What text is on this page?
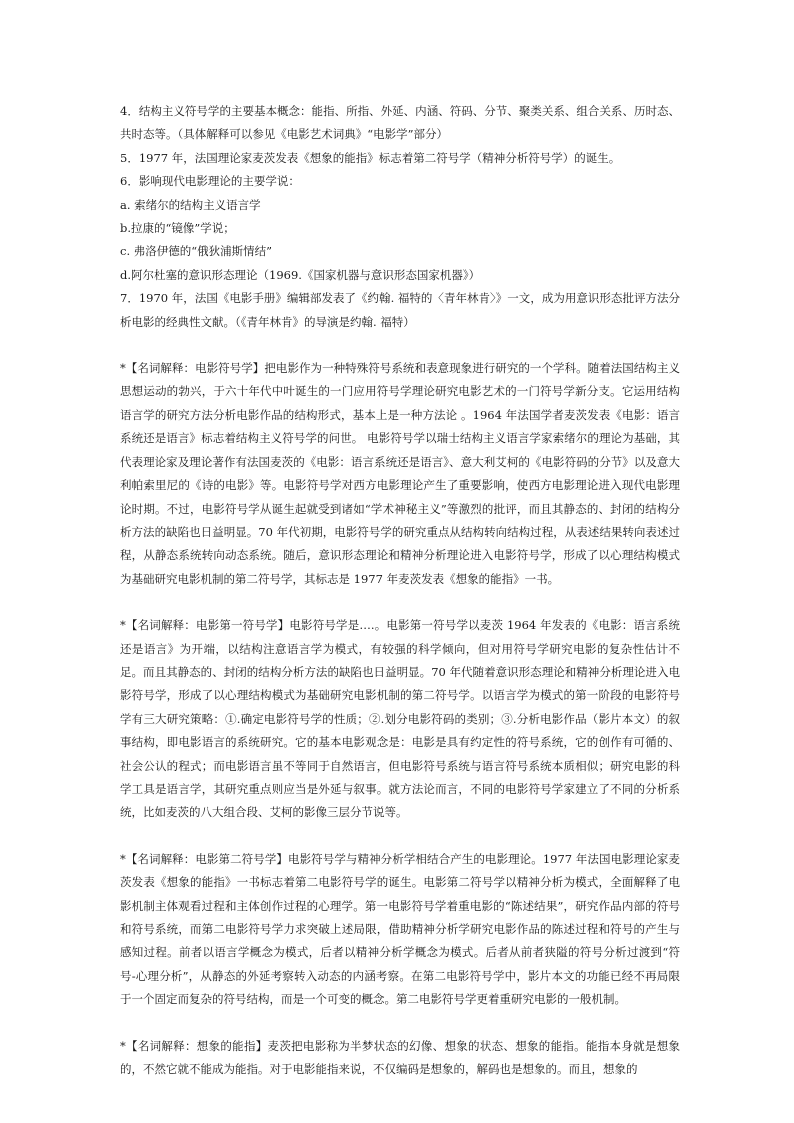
4．结构主义符号学的主要基本概念：能指、所指、外延、内涵、符码、分节、聚类关系、组合关系、历时态、共时态等。（具体解释可以参见《电影艺术词典》“电影学”部分）

5．1977 年，法国理论家麦茨发表《想象的能指》标志着第二符号学（精神分析符号学）的诞生。

6．影响现代电影理论的主要学说：

a. 索绪尔的结构主义语言学

b.拉康的“镜像”学说；

c. 弗洛伊德的“俄狄浦斯情结”

d.阿尔杜塞的意识形态理论（1969.《国家机器与意识形态国家机器》）

7．1970 年，法国《电影手册》编辑部发表了《约翰. 福特的〈青年林肯〉》一文，成为用意识形态批评方法分析电影的经典性文献。（《青年林肯》的导演是约翰. 福特）

*【名词解释：电影符号学】把电影作为一种特殊符号系统和表意现象进行研究的一个学科。随着法国结构主义思想运动的勃兴，于六十年代中叶诞生的一门应用符号学理论研究电影艺术的一门符号学新分支。它运用结构语言学的研究方法分析电影作品的结构形式，基本上是一种方法论 。1964 年法国学者麦茨发表《电影：语言系统还是语言》标志着结构主义符号学的问世。 电影符号学以瑞士结构主义语言学家索绪尔的理论为基础，其代表理论家及理论著作有法国麦茨的《电影：语言系统还是语言》、意大利艾柯的《电影符码的分节》以及意大利帕索里尼的《诗的电影》等。电影符号学对西方电影理论产生了重要影响，使西方电影理论进入现代电影理论时期。不过，电影符号学从诞生起就受到诸如“学术神秘主义”等激烈的批评，而且其静态的、封闭的结构分析方法的缺陷也日益明显。70 年代初期，电影符号学的研究重点从结构转向结构过程，从表述结果转向表述过程，从静态系统转向动态系统。随后，意识形态理论和精神分析理论进入电影符号学，形成了以心理结构模式为基础研究电影机制的第二符号学，其标志是 1977 年麦茨发表《想象的能指》一书。

*【名词解释：电影第一符号学】电影符号学是….。电影第一符号学以麦茨 1964 年发表的《电影：语言系统还是语言》为开端，以结构注意语言学为模式，有较强的科学倾向，但对用符号学研究电影的复杂性估计不足。而且其静态的、封闭的结构分析方法的缺陷也日益明显。70 年代随着意识形态理论和精神分析理论进入电影符号学，形成了以心理结构模式为基础研究电影机制的第二符号学。以语言学为模式的第一阶段的电影符号学有三大研究策略：①.确定电影符号学的性质；②.划分电影符码的类别；③.分析电影作品（影片本文）的叙事结构，即电影语言的系统研究。它的基本电影观念是：电影是具有约定性的符号系统，它的创作有可循的、社会公认的程式；而电影语言虽不等同于自然语言，但电影符号系统与语言符号系统本质相似；研究电影的科学工具是语言学，其研究重点则应当是外延与叙事。就方法论而言，不同的电影符号学家建立了不同的分析系统，比如麦茨的八大组合段、艾柯的影像三层分节说等。

*【名词解释：电影第二符号学】电影符号学与精神分析学相结合产生的电影理论。1977 年法国电影理论家麦茨发表《想象的能指》一书标志着第二电影符号学的诞生。电影第二符号学以精神分析为模式，全面解释了电影机制主体观看过程和主体创作过程的心理学。第一电影符号学着重电影的“陈述结果”，研究作品内部的符号和符号系统，而第二电影符号学力求突破上述局限，借助精神分析学研究电影作品的陈述过程和符号的产生与感知过程。前者以语言学概念为模式，后者以精神分析学概念为模式。后者从前者狭隘的符号分析过渡到“符号-心理分析”，从静态的外延考察转入动态的内涵考察。在第二电影符号学中，影片本文的功能已经不再局限于一个固定而复杂的符号结构，而是一个可变的概念。第二电影符号学更着重研究电影的一般机制。

*【名词解释：想象的能指】麦茨把电影称为半梦状态的幻像、想象的状态、想象的能指。能指本身就是想象的，不然它就不能成为能指。对于电影能指来说，不仅编码是想象的，解码也是想象的。而且，想象的
